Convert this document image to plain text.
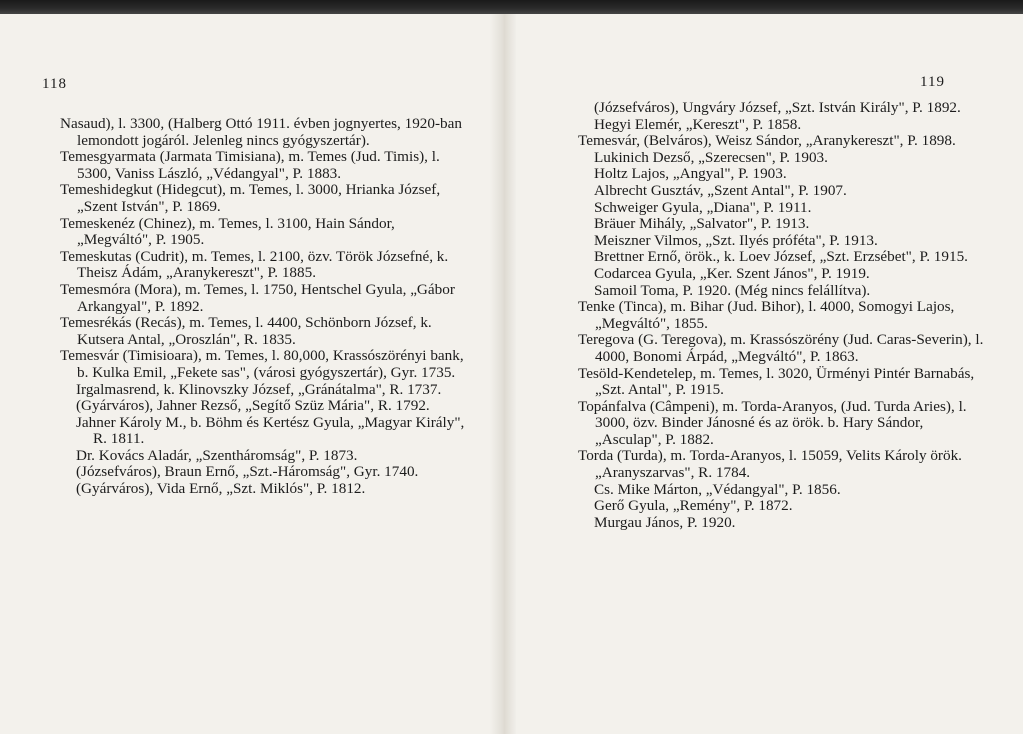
118
Nasaud), l. 3300, (Halberg Ottó 1911. évben jognyertes, 1920-ban lemondott jogáról. Jelenleg nincs gyógyszertár).
Temesgyarmata (Jarmata Timisiana), m. Temes (Jud. Timis), l. 5300, Vaniss László, „Védangyal", P. 1883.
Temeshidegkut (Hidegcut), m. Temes, l. 3000, Hrianka József, „Szent István", P. 1869.
Temeskenéz (Chinez), m. Temes, l. 3100, Hain Sándor, „Megváltó", P. 1905.
Temeskutas (Cudrit), m. Temes, l. 2100, özv. Török Józsefné, k. Theisz Ádám, „Aranykereszt", P. 1885.
Temesmóra (Mora), m. Temes, l. 1750, Hentschel Gyula, „Gábor Arkangyal", P. 1892.
Temesrékás (Recás), m. Temes, l. 4400, Schönborn József, k. Kutsera Antal, „Oroszlán", R. 1835.
Temesvár (Timisioara), m. Temes, l. 80,000, Krassószörényi bank, b. Kulka Emil, „Fekete sas", (városi gyógyszertár), Gyr. 1735.
Irgalmasrend, k. Klinovszky József, „Gránátalma", R. 1737.
(Gyárváros), Jahner Rezső, „Segítő Szüz Mária", R. 1792.
Jahner Károly M., b. Böhm és Kertész Gyula, „Magyar Király", R. 1811.
Dr. Kovács Aladár, „Szentháromság", P. 1873.
(Józsefváros), Braun Ernő, „Szt.-Háromság", Gyr. 1740.
(Gyárváros), Vida Ernő, „Szt. Miklós", P. 1812.
119
(Józsefváros), Ungváry József, „Szt. István Király", P. 1892.
Hegyi Elemér, „Kereszt", P. 1858.
Temesvár, (Belváros), Weisz Sándor, „Aranykereszt", P. 1898.
Lukinich Dezső, „Szerecsen", P. 1903.
Holtz Lajos, „Angyal", P. 1903.
Albrecht Gusztáv, „Szent Antal", P. 1907.
Schweiger Gyula, „Diana", P. 1911.
Bräuer Mihály, „Salvator", P. 1913.
Meiszner Vilmos, „Szt. Ilyés próféta", P. 1913.
Brettner Ernő, örök., k. Loev József, „Szt. Erzsébet", P. 1915.
Codarcea Gyula, „Ker. Szent János", P. 1919.
Samoil Toma, P. 1920. (Még nincs felállítva).
Tenke (Tinca), m. Bihar (Jud. Bihor), l. 4000, Somogyi Lajos, „Megváltó", 1855.
Teregova (G. Teregova), m. Krassószörény (Jud. Caras-Severin), l. 4000, Bonomi Árpád, „Megváltó", P. 1863.
Tesöld-Kendetelep, m. Temes, l. 3020, Ürményi Pintér Barnabás, „Szt. Antal", P. 1915.
Topánfalva (Câmpeni), m. Torda-Aranyos, (Jud. Turda Aries), l. 3000, özv. Binder Jánosné és az örök. b. Hary Sándor, „Asculap", P. 1882.
Torda (Turda), m. Torda-Aranyos, l. 15059, Velits Károly örök. „Aranyszarvas", R. 1784.
Cs. Mike Márton, „Védangyal", P. 1856.
Gerő Gyula, „Remény", P. 1872.
Murgau János, P. 1920.
